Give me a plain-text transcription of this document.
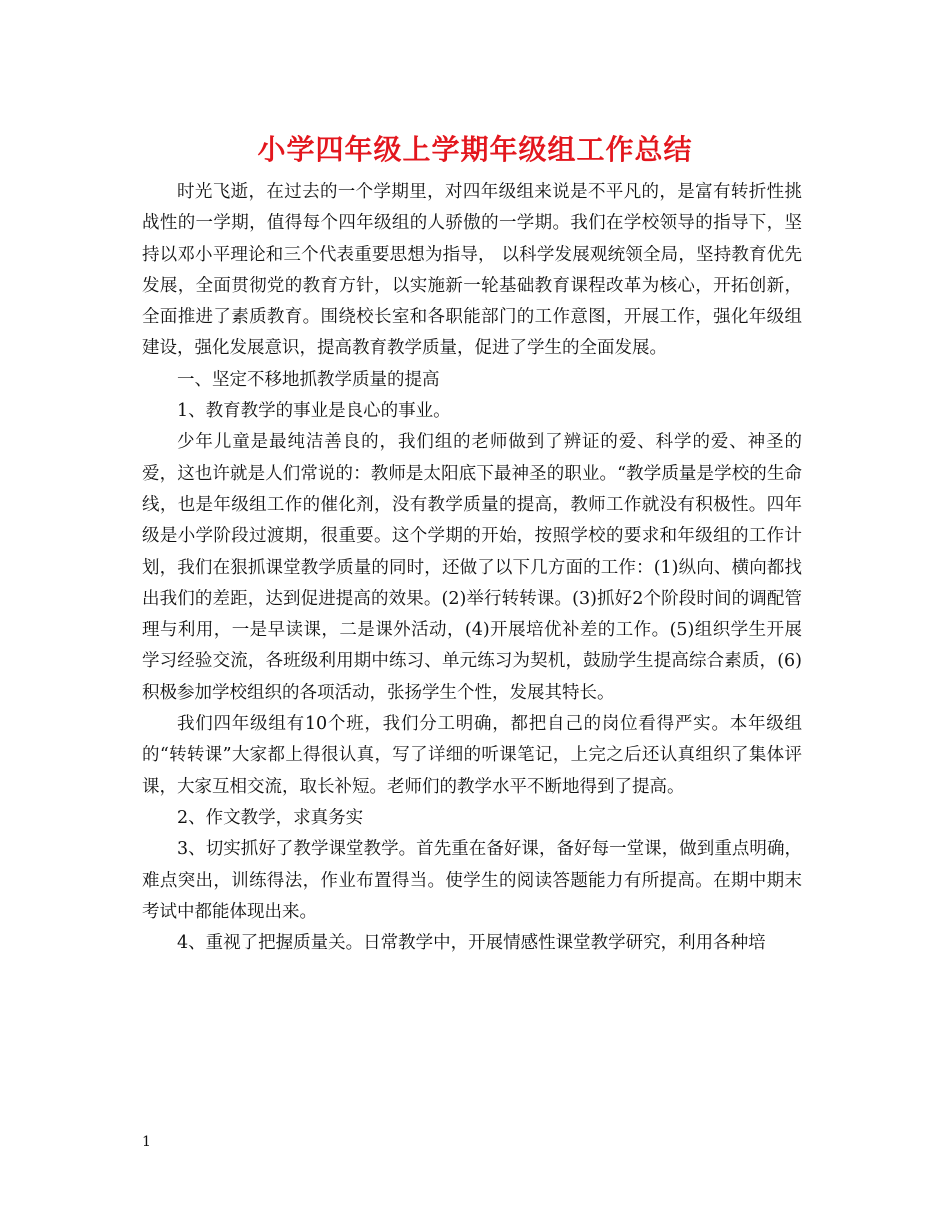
小学四年级上学期年级组工作总结

时光飞逝，在过去的一个学期里，对四年级组来说是不平凡的，是富有转折性挑战性的一学期，值得每个四年级组的人骄傲的一学期。我们在学校领导的指导下，坚持以邓小平理论和三个代表重要思想为指导， 以科学发展观统领全局，坚持教育优先发展，全面贯彻党的教育方针，以实施新一轮基础教育课程改革为核心，开拓创新，全面推进了素质教育。围绕校长室和各职能部门的工作意图，开展工作，强化年级组建设，强化发展意识，提高教育教学质量，促进了学生的全面发展。

一、坚定不移地抓教学质量的提高

1、教育教学的事业是良心的事业。

少年儿童是最纯洁善良的，我们组的老师做到了辨证的爱、科学的爱、神圣的爱，这也许就是人们常说的：教师是太阳底下最神圣的职业。“教学质量是学校的生命线，也是年级组工作的催化剂，没有教学质量的提高，教师工作就没有积极性。四年级是小学阶段过渡期，很重要。这个学期的开始，按照学校的要求和年级组的工作计划，我们在狠抓课堂教学质量的同时，还做了以下几方面的工作：(1)纵向、横向都找出我们的差距，达到促进提高的效果。(2)举行转转课。(3)抓好2个阶段时间的调配管理与利用，一是早读课，二是课外活动，(4)开展培优补差的工作。(5)组织学生开展学习经验交流，各班级利用期中练习、单元练习为契机，鼓励学生提高综合素质，(6)积极参加学校组织的各项活动，张扬学生个性，发展其特长。

我们四年级组有10个班，我们分工明确，都把自己的岗位看得严实。本年级组的“转转课”大家都上得很认真，写了详细的听课笔记，上完之后还认真组织了集体评课，大家互相交流，取长补短。老师们的教学水平不断地得到了提高。

2、作文教学，求真务实

3、切实抓好了教学课堂教学。首先重在备好课，备好每一堂课，做到重点明确，难点突出，训练得法，作业布置得当。使学生的阅读答题能力有所提高。在期中期末考试中都能体现出来。

4、重视了把握质量关。日常教学中，开展情感性课堂教学研究，利用各种培

1
